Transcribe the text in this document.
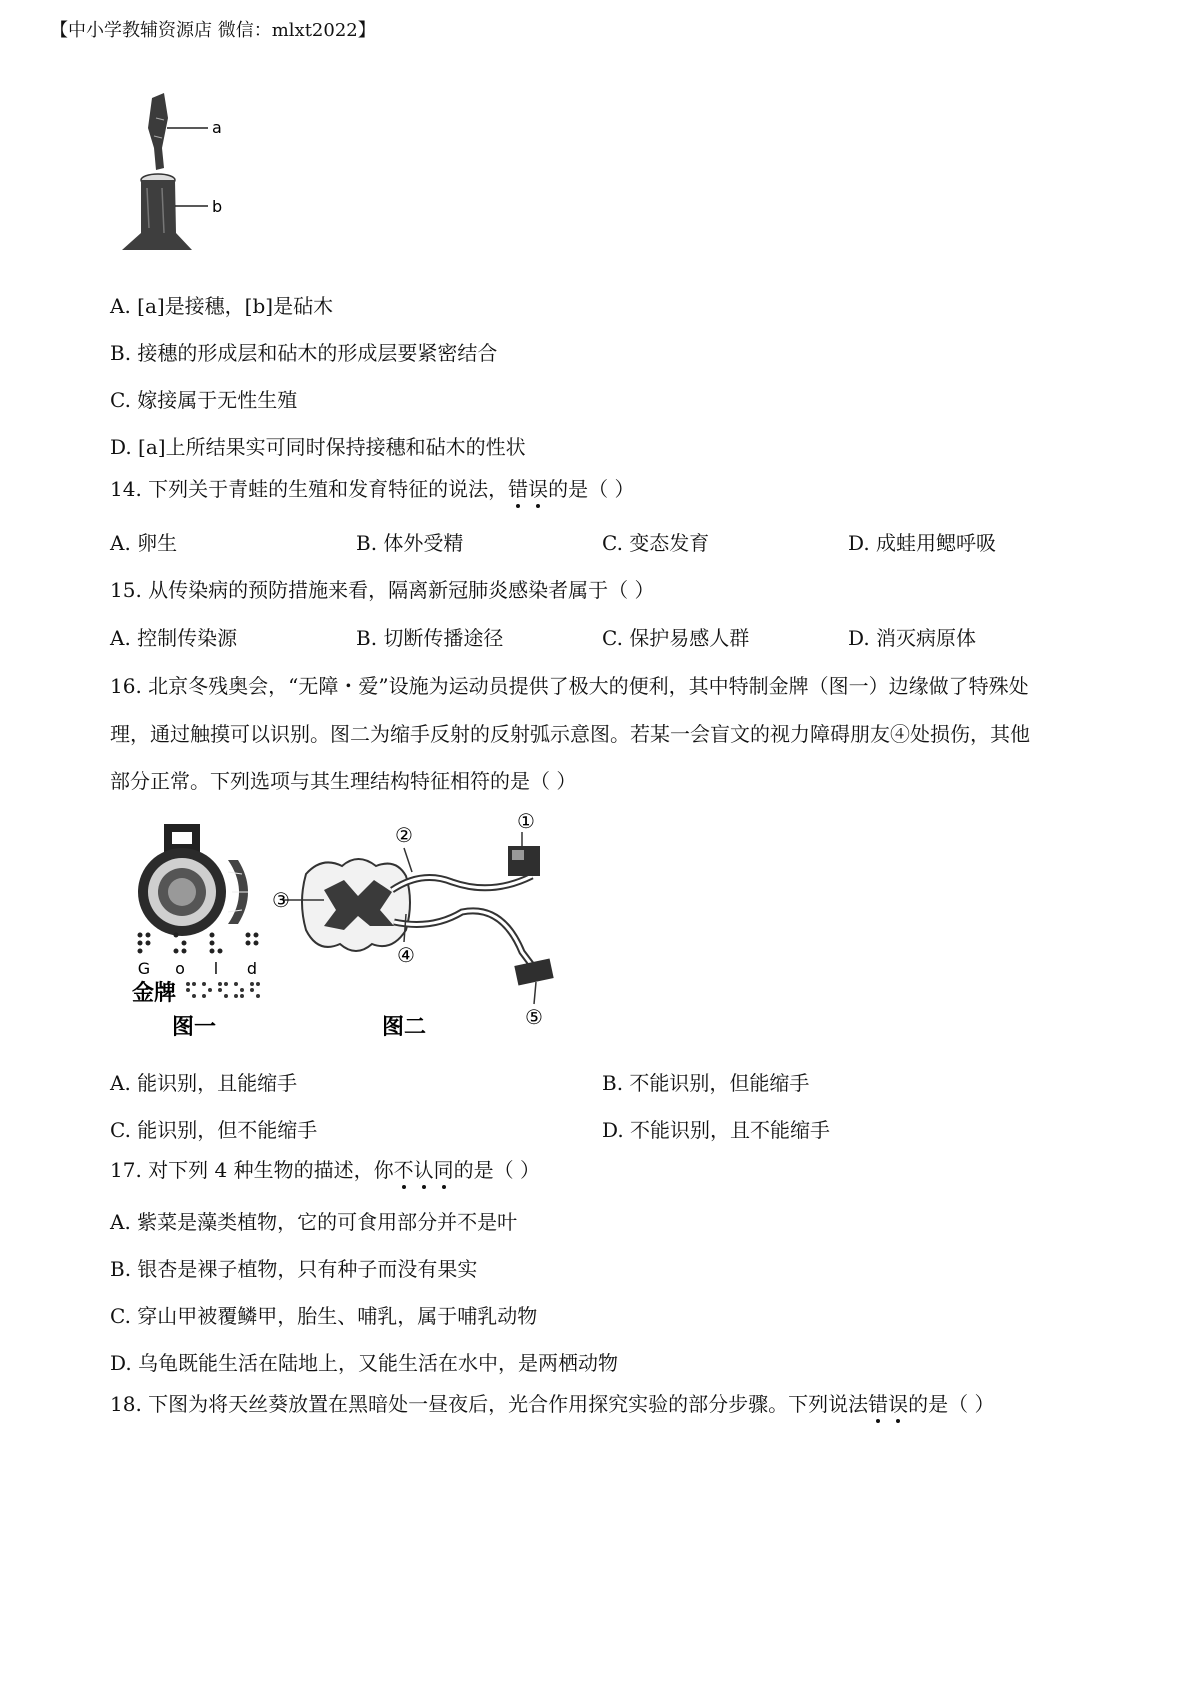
【中小学教辅资源店 微信：mlxt2022】
a
b
A. [a]是接穗，[b]是砧木
B. 接穗的形成层和砧木的形成层要紧密结合
C. 嫁接属于无性生殖
D. [a]上所结果实可同时保持接穗和砧木的性状
14. 下列关于青蛙的生殖和发育特征的说法，错误的是（ ）
A. 卵生	B. 体外受精	C. 变态发育	D. 成蛙用鳃呼吸
15. 从传染病的预防措施来看，隔离新冠肺炎感染者属于（ ）
A. 控制传染源	B. 切断传播途径	C. 保护易感人群	D. 消灭病原体
16. 北京冬残奥会，“无障・爱”设施为运动员提供了极大的便利，其中特制金牌（图一）边缘做了特殊处
理，通过触摸可以识别。图二为缩手反射的反射弧示意图。若某一会盲文的视力障碍朋友④处损伤，其他
部分正常。下列选项与其生理结构特征相符的是（ ）
G o l d
金牌
图一
①
②
③
④
⑤
图二
A. 能识别，且能缩手	B. 不能识别，但能缩手
C. 能识别，但不能缩手	D. 不能识别，且不能缩手
17. 对下列 4 种生物的描述，你不认同的是（ ）
A. 紫菜是藻类植物，它的可食用部分并不是叶
B. 银杏是裸子植物，只有种子而没有果实
C. 穿山甲被覆鳞甲，胎生、哺乳，属于哺乳动物
D. 乌龟既能生活在陆地上，又能生活在水中，是两栖动物
18. 下图为将天丝葵放置在黑暗处一昼夜后，光合作用探究实验的部分步骤。下列说法错误的是（ ）
